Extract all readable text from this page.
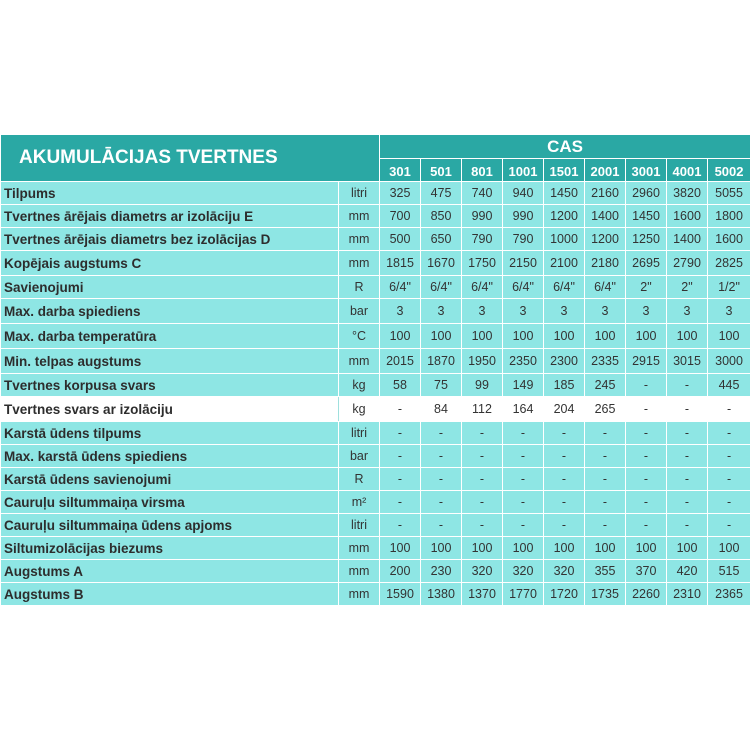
AKUMULĀCIJAS TVERTNES		CAS								
		301	501	801	1001	1501	2001	3001	4001	5002
Tilpums	litri	325	475	740	940	1450	2160	2960	3820	5055
Tvertnes ārējais diametrs ar izolāciju E	mm	700	850	990	990	1200	1400	1450	1600	1800
Tvertnes ārējais diametrs bez izolācijas D	mm	500	650	790	790	1000	1200	1250	1400	1600
Kopējais augstums C	mm	1815	1670	1750	2150	2100	2180	2695	2790	2825
Savienojumi	R	6/4"	6/4"	6/4"	6/4"	6/4"	6/4"	2"	2"	1/2"
Max. darba spiediens	bar	3	3	3	3	3	3	3	3	3
Max. darba temperatūra	°C	100	100	100	100	100	100	100	100	100
Min. telpas augstums	mm	2015	1870	1950	2350	2300	2335	2915	3015	3000
Tvertnes korpusa svars	kg	58	75	99	149	185	245	-	-	445
Tvertnes svars ar izolāciju	kg	-	84	112	164	204	265	-	-	-
Karstā ūdens tilpums	litri	-	-	-	-	-	-	-	-	-
Max. karstā ūdens spiediens	bar	-	-	-	-	-	-	-	-	-
Karstā ūdens savienojumi	R	-	-	-	-	-	-	-	-	-
Cauruļu siltummaiņa virsma	m²	-	-	-	-	-	-	-	-	-
Cauruļu siltummaiņa ūdens apjoms	litri	-	-	-	-	-	-	-	-	-
Siltumizolācijas biezums	mm	100	100	100	100	100	100	100	100	100
Augstums A	mm	200	230	320	320	320	355	370	420	515
Augstums B	mm	1590	1380	1370	1770	1720	1735	2260	2310	2365
